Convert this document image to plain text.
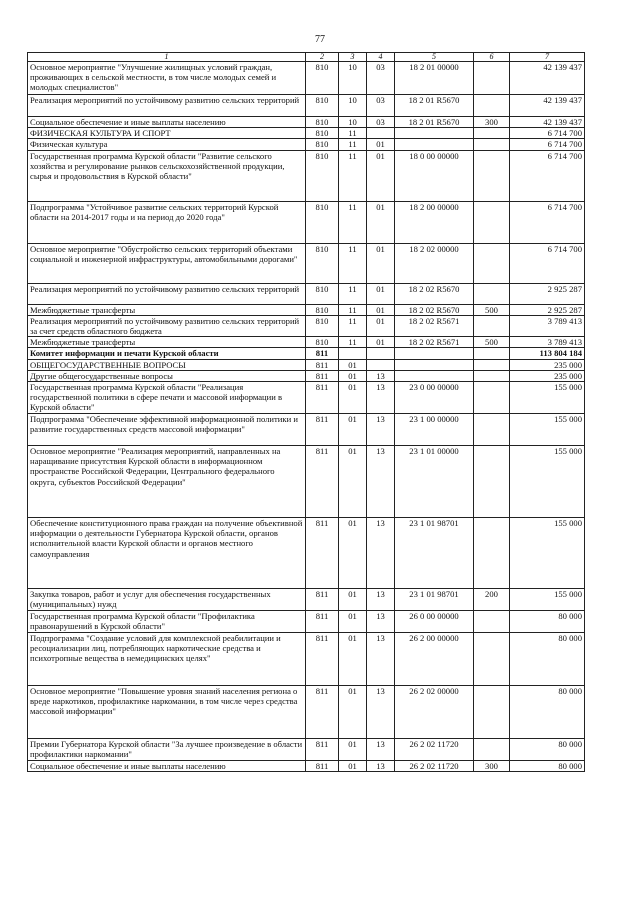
77
1	2	3	4	5	6	7
Основное мероприятие "Улучшение жилищных условий граждан, проживающих в сельской местности, в том числе молодых семей и молодых специалистов"	810	10	03	18 2 01 00000		42 139 437
Реализация мероприятий по устойчивому развитию сельских территорий	810	10	03	18 2 01 R5670		42 139 437
Социальное обеспечение и иные выплаты населению	810	10	03	18 2 01 R5670	300	42 139 437
ФИЗИЧЕСКАЯ КУЛЬТУРА И СПОРТ	810	11				6 714 700
Физическая культура	810	11	01			6 714 700
Государственная программа Курской области "Развитие сельского хозяйства и регулирование рынков сельскохозяйственной продукции, сырья и продовольствия в Курской области"	810	11	01	18 0 00 00000		6 714 700
Подпрограмма "Устойчивое развитие сельских территорий Курской области на 2014-2017 годы и на период до 2020 года"	810	11	01	18 2 00 00000		6 714 700
Основное мероприятие "Обустройство сельских территорий объектами социальной и инженерной инфраструктуры, автомобильными дорогами"	810	11	01	18 2 02 00000		6 714 700
Реализация мероприятий по устойчивому развитию сельских территорий	810	11	01	18 2 02 R5670		2 925 287
Межбюджетные трансферты	810	11	01	18 2 02 R5670	500	2 925 287
Реализация мероприятий по устойчивому развитию сельских территорий за счет средств областного бюджета	810	11	01	18 2 02 R5671		3 789 413
Межбюджетные трансферты	810	11	01	18 2 02 R5671	500	3 789 413
Комитет информации и печати Курской области	811					113 804 184
ОБЩЕГОСУДАРСТВЕННЫЕ ВОПРОСЫ	811	01				235 000
Другие общегосударственные вопросы	811	01	13			235 000
Государственная программа Курской области "Реализация государственной политики в сфере печати и массовой информации в Курской области"	811	01	13	23 0 00 00000		155 000
Подпрограмма "Обеспечение эффективной информационной политики и развитие государственных средств массовой информации"	811	01	13	23 1 00 00000		155 000
Основное мероприятие "Реализация мероприятий, направленных на наращивание присутствия Курской области в информационном пространстве Российской Федерации, Центрального федерального округа, субъектов Российской Федерации"	811	01	13	23 1 01 00000		155 000
Обеспечение конституционного права граждан на получение объективной информации о деятельности Губернатора Курской области, органов исполнительной власти Курской области и органов местного самоуправления	811	01	13	23 1 01 98701		155 000
Закупка товаров, работ и услуг для обеспечения государственных (муниципальных) нужд	811	01	13	23 1 01 98701	200	155 000
Государственная программа Курской области "Профилактика правонарушений в Курской области"	811	01	13	26 0 00 00000		80 000
Подпрограмма "Создание условий для комплексной реабилитации и ресоциализации лиц, потребляющих наркотические средства и психотропные вещества в немедицинских целях"	811	01	13	26 2 00 00000		80 000
Основное мероприятие "Повышение уровня знаний населения региона о вреде наркотиков, профилактике наркомании, в том числе через средства массовой информации"	811	01	13	26 2 02 00000		80 000
Премии Губернатора Курской области "За лучшее произведение в области профилактики наркомании"	811	01	13	26 2 02 11720		80 000
Социальное обеспечение и иные выплаты населению	811	01	13	26 2 02 11720	300	80 000
